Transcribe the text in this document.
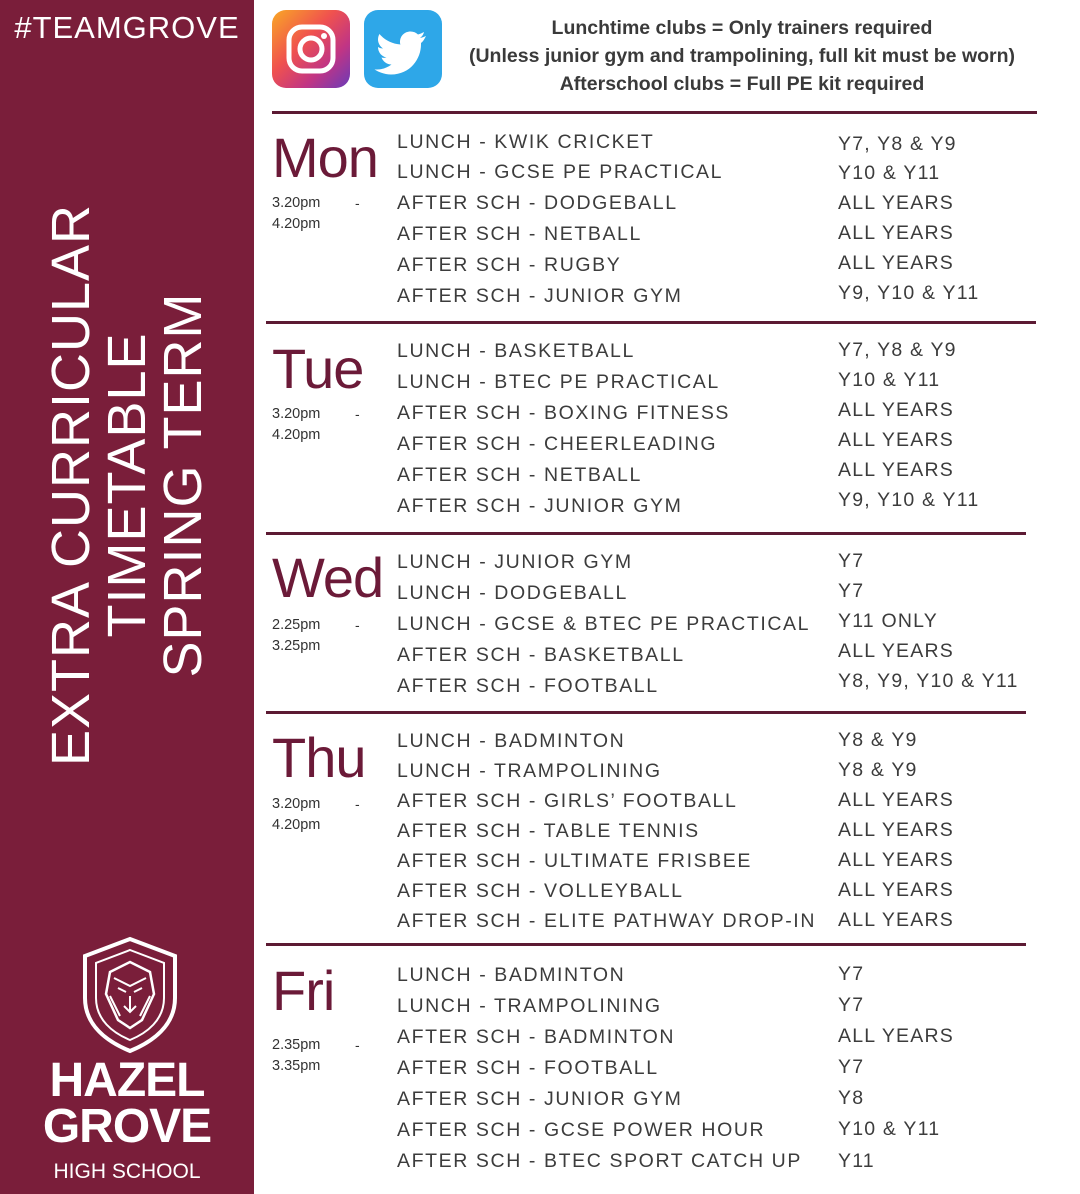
#TEAMGROVE
EXTRA CURRICULAR
TIMETABLE
SPRING TERM
HAZEL
GROVE
HIGH SCHOOL
Lunchtime clubs = Only trainers required
(Unless junior gym and trampolining, full kit must be worn)
Afterschool clubs = Full PE kit required
Mon
3.20pm
4.20pm
-
LUNCH - KWIK CRICKET	Y7, Y8 & Y9
LUNCH - GCSE PE PRACTICAL	Y10 & Y11
AFTER SCH - DODGEBALL	ALL YEARS
AFTER SCH - NETBALL	ALL YEARS
AFTER SCH - RUGBY	ALL YEARS
AFTER SCH - JUNIOR GYM	Y9, Y10 & Y11
Tue
3.20pm
4.20pm
-
LUNCH - BASKETBALL	Y7, Y8 & Y9
LUNCH - BTEC PE PRACTICAL	Y10 & Y11
AFTER SCH - BOXING FITNESS	ALL YEARS
AFTER SCH - CHEERLEADING	ALL YEARS
AFTER SCH - NETBALL	ALL YEARS
AFTER SCH - JUNIOR GYM	Y9, Y10 & Y11
Wed
2.25pm
3.25pm
-
LUNCH - JUNIOR GYM	Y7
LUNCH - DODGEBALL	Y7
LUNCH - GCSE & BTEC PE PRACTICAL Y11 ONLY
AFTER SCH - BASKETBALL	ALL YEARS
AFTER SCH - FOOTBALL	Y8, Y9, Y10 & Y11
Thu
3.20pm
4.20pm
-
LUNCH - BADMINTON	Y8 & Y9
LUNCH - TRAMPOLINING	Y8 & Y9
AFTER SCH - GIRLS’ FOOTBALL	ALL YEARS
AFTER SCH - TABLE TENNIS	ALL YEARS
AFTER SCH - ULTIMATE FRISBEE	ALL YEARS
AFTER SCH - VOLLEYBALL	ALL YEARS
AFTER SCH - ELITE PATHWAY DROP-IN ALL YEARS
Fri
2.35pm
3.35pm
-
LUNCH - BADMINTON	Y7
LUNCH - TRAMPOLINING	Y7
AFTER SCH - BADMINTON	ALL YEARS
AFTER SCH - FOOTBALL	Y7
AFTER SCH - JUNIOR GYM	Y8
AFTER SCH - GCSE POWER HOUR	Y10 & Y11
AFTER SCH - BTEC SPORT CATCH UP Y11
